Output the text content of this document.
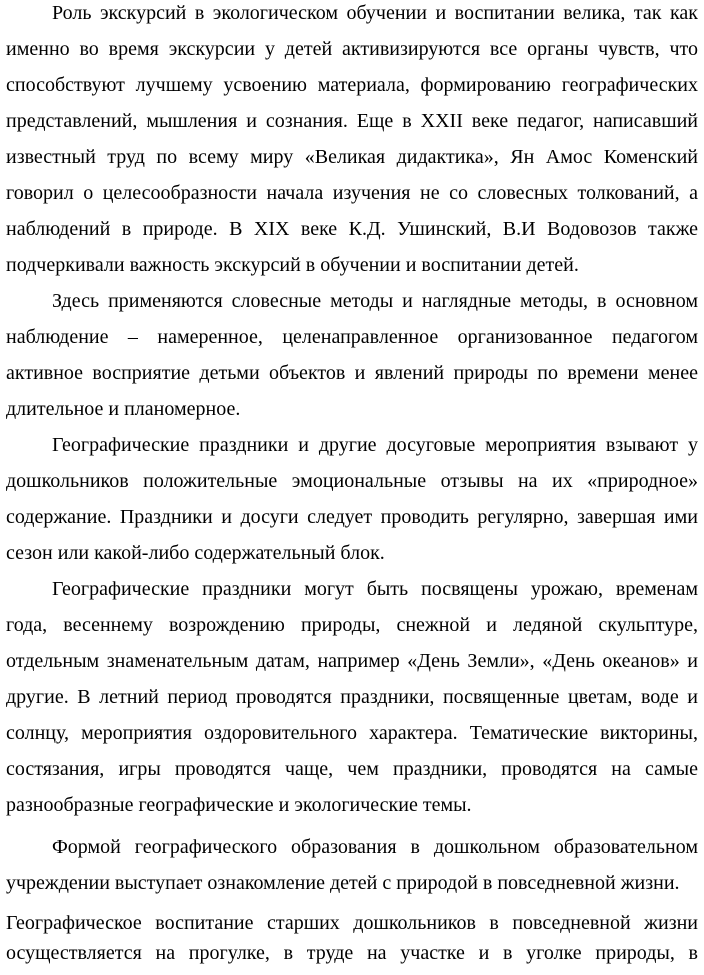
Роль экскурсий в экологическом обучении и воспитании велика, так как
именно во время экскурсии у детей активизируются все органы чувств, что
способствуют лучшему усвоению материала, формированию географических
представлений, мышления и сознания. Еще в XXII веке педагог, написавший
известный труд по всему миру «Великая дидактика», Ян Амос Коменский
говорил о целесообразности начала изучения не со словесных толкований, а
наблюдений в природе. В XIX веке К.Д. Ушинский, В.И Водовозов также
подчеркивали важность экскурсий в обучении и воспитании детей.
Здесь применяются словесные методы и наглядные методы, в основном
наблюдение – намеренное, целенаправленное организованное педагогом
активное восприятие детьми объектов и явлений природы по времени менее
длительное и планомерное.
Географические праздники и другие досуговые мероприятия взывают у
дошкольников положительные эмоциональные отзывы на их «природное»
содержание. Праздники и досуги следует проводить регулярно, завершая ими
сезон или какой-либо содержательный блок.
Географические праздники могут быть посвящены урожаю, временам
года, весеннему возрождению природы, снежной и ледяной скульптуре,
отдельным знаменательным датам, например «День Земли», «День океанов» и
другие. В летний период проводятся праздники, посвященные цветам, воде и
солнцу, мероприятия оздоровительного характера. Тематические викторины,
состязания, игры проводятся чаще, чем праздники, проводятся на самые
разнообразные географические и экологические темы.
Формой географического образования в дошкольном образовательном
учреждении выступает ознакомление детей с природой в повседневной жизни.
Географическое воспитание старших дошкольников в повседневной жизни
осуществляется на прогулке, в труде на участке и в уголке природы, в
